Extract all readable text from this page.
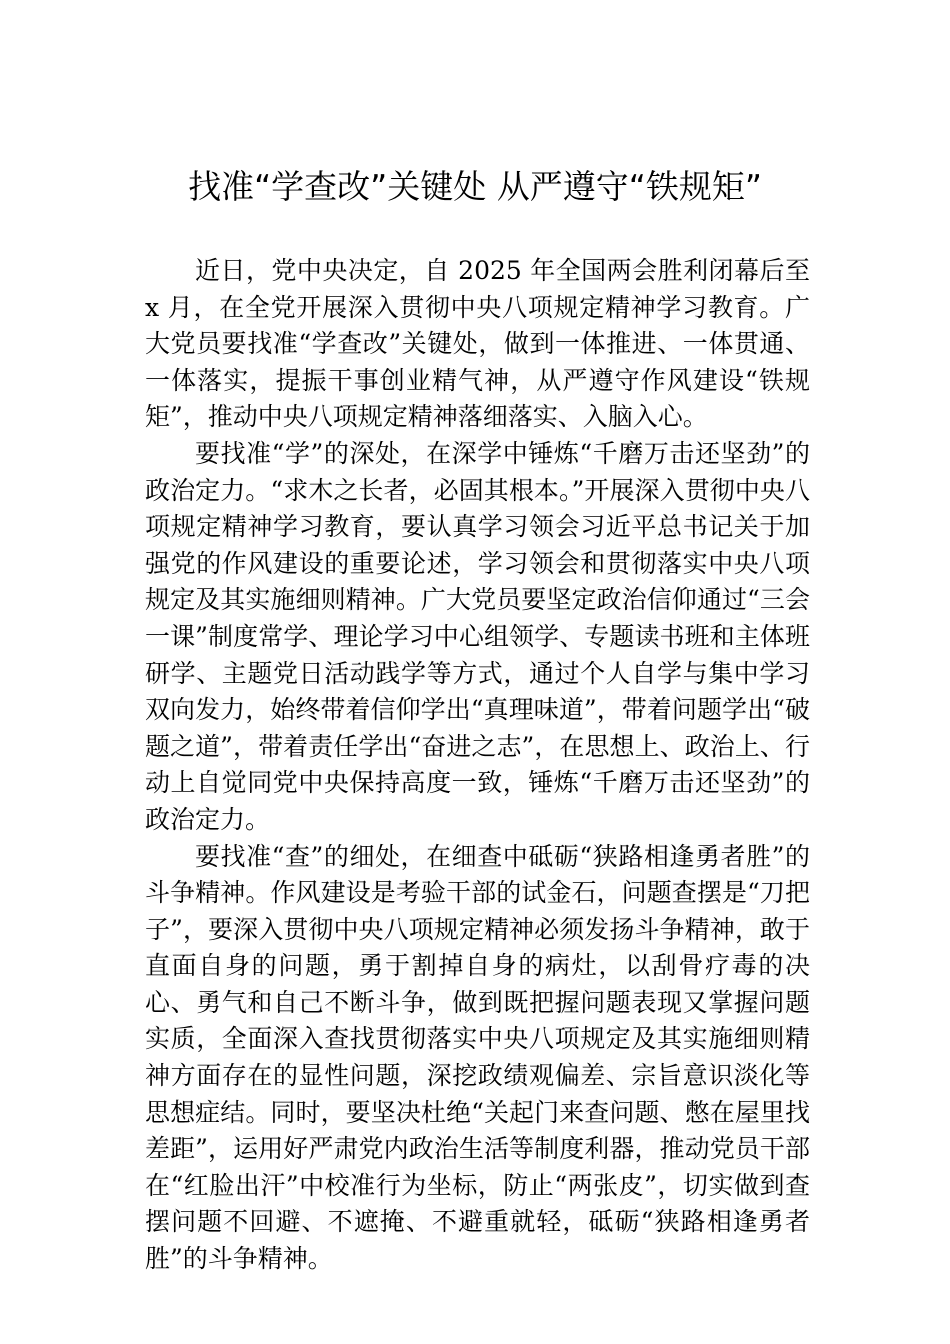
找准“学查改”关键处 从严遵守“铁规矩”

近日，党中央决定，自 2025 年全国两会胜利闭幕后至 x 月，在全党开展深入贯彻中央八项规定精神学习教育。广大党员要找准“学查改”关键处，做到一体推进、一体贯通、一体落实，提振干事创业精气神，从严遵守作风建设“铁规矩”，推动中央八项规定精神落细落实、入脑入心。

要找准“学”的深处，在深学中锤炼“千磨万击还坚劲”的政治定力。“求木之长者，必固其根本。”开展深入贯彻中央八项规定精神学习教育，要认真学习领会习近平总书记关于加强党的作风建设的重要论述，学习领会和贯彻落实中央八项规定及其实施细则精神。广大党员要坚定政治信仰通过“三会一课”制度常学、理论学习中心组领学、专题读书班和主体班研学、主题党日活动践学等方式，通过个人自学与集中学习双向发力，始终带着信仰学出“真理味道”，带着问题学出“破题之道”，带着责任学出“奋进之志”，在思想上、政治上、行动上自觉同党中央保持高度一致，锤炼“千磨万击还坚劲”的政治定力。

要找准“查”的细处，在细查中砥砺“狭路相逢勇者胜”的斗争精神。作风建设是考验干部的试金石，问题查摆是“刀把子”，要深入贯彻中央八项规定精神必须发扬斗争精神，敢于直面自身的问题，勇于割掉自身的病灶，以刮骨疗毒的决心、勇气和自己不断斗争，做到既把握问题表现又掌握问题实质，全面深入查找贯彻落实中央八项规定及其实施细则精神方面存在的显性问题，深挖政绩观偏差、宗旨意识淡化等思想症结。同时，要坚决杜绝“关起门来查问题、憋在屋里找差距”，运用好严肃党内政治生活等制度利器，推动党员干部在“红脸出汗”中校准行为坐标，防止“两张皮”，切实做到查摆问题不回避、不遮掩、不避重就轻，砥砺“狭路相逢勇者胜”的斗争精神。
